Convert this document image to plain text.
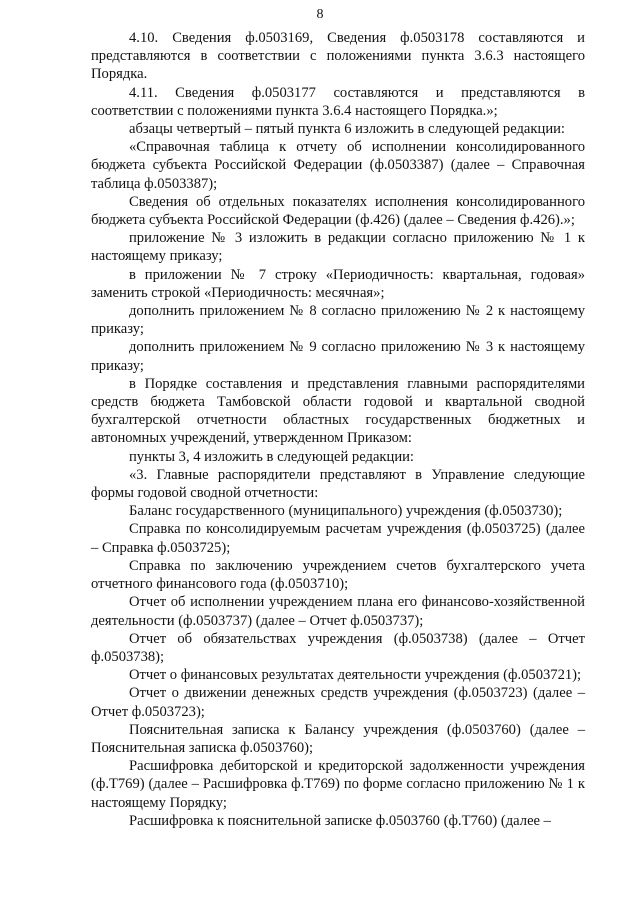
8

4.10. Сведения ф.0503169, Сведения ф.0503178 составляются и представляются в соответствии с положениями пункта 3.6.3 настоящего Порядка.

4.11. Сведения ф.0503177 составляются и представляются в соответствии с положениями пункта 3.6.4 настоящего Порядка.»;

абзацы четвертый – пятый пункта 6 изложить в следующей редакции:

«Справочная таблица к отчету об исполнении консолидированного бюджета субъекта Российской Федерации (ф.0503387) (далее – Справочная таблица ф.0503387);

Сведения об отдельных показателях исполнения консолидированного бюджета субъекта Российской Федерации (ф.426) (далее – Сведения ф.426).»;

приложение № 3 изложить в редакции согласно приложению № 1 к настоящему приказу;

в приложении № 7 строку «Периодичность: квартальная, годовая» заменить строкой «Периодичность: месячная»;

дополнить приложением № 8 согласно приложению № 2 к настоящему приказу;

дополнить приложением № 9 согласно приложению № 3 к настоящему приказу;

в Порядке составления и представления главными распорядителями средств бюджета Тамбовской области годовой и квартальной сводной бухгалтерской отчетности областных государственных бюджетных и автономных учреждений, утвержденном Приказом:

пункты 3, 4 изложить в следующей редакции:

«3. Главные распорядители представляют в Управление следующие формы годовой сводной отчетности:

Баланс государственного (муниципального) учреждения (ф.0503730);

Справка по консолидируемым расчетам учреждения (ф.0503725) (далее – Справка ф.0503725);

Справка по заключению учреждением счетов бухгалтерского учета отчетного финансового года (ф.0503710);

Отчет об исполнении учреждением плана его финансово-хозяйственной деятельности (ф.0503737) (далее – Отчет ф.0503737);

Отчет об обязательствах учреждения (ф.0503738) (далее – Отчет ф.0503738);

Отчет о финансовых результатах деятельности учреждения (ф.0503721);

Отчет о движении денежных средств учреждения (ф.0503723) (далее – Отчет ф.0503723);

Пояснительная записка к Балансу учреждения (ф.0503760) (далее – Пояснительная записка ф.0503760);

Расшифровка дебиторской и кредиторской задолженности учреждения (ф.Т769) (далее – Расшифровка ф.Т769) по форме согласно приложению № 1 к настоящему Порядку;

Расшифровка к пояснительной записке ф.0503760 (ф.Т760) (далее –
